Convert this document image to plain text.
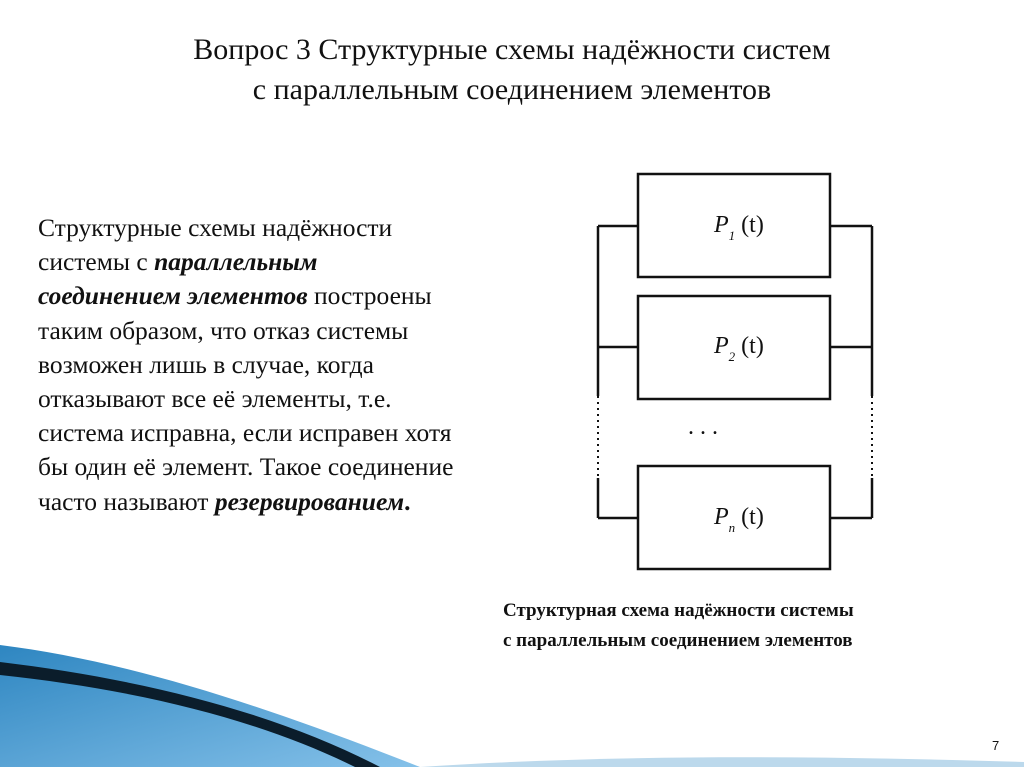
Вопрос 3 Структурные схемы надёжности систем
с параллельным соединением элементов

Структурные схемы надёжности системы с параллельным соединением элементов построены таким образом, что отказ системы возможен лишь в случае, когда отказывают все её элементы, т.е. система исправна, если исправен хотя бы один её элемент. Такое соединение часто называют резервированием.

$P_1$ (t)
$P_2$ (t)
$P_n$ (t)
. . .

Структурная схема надёжности системы
с параллельным соединением элементов

7
